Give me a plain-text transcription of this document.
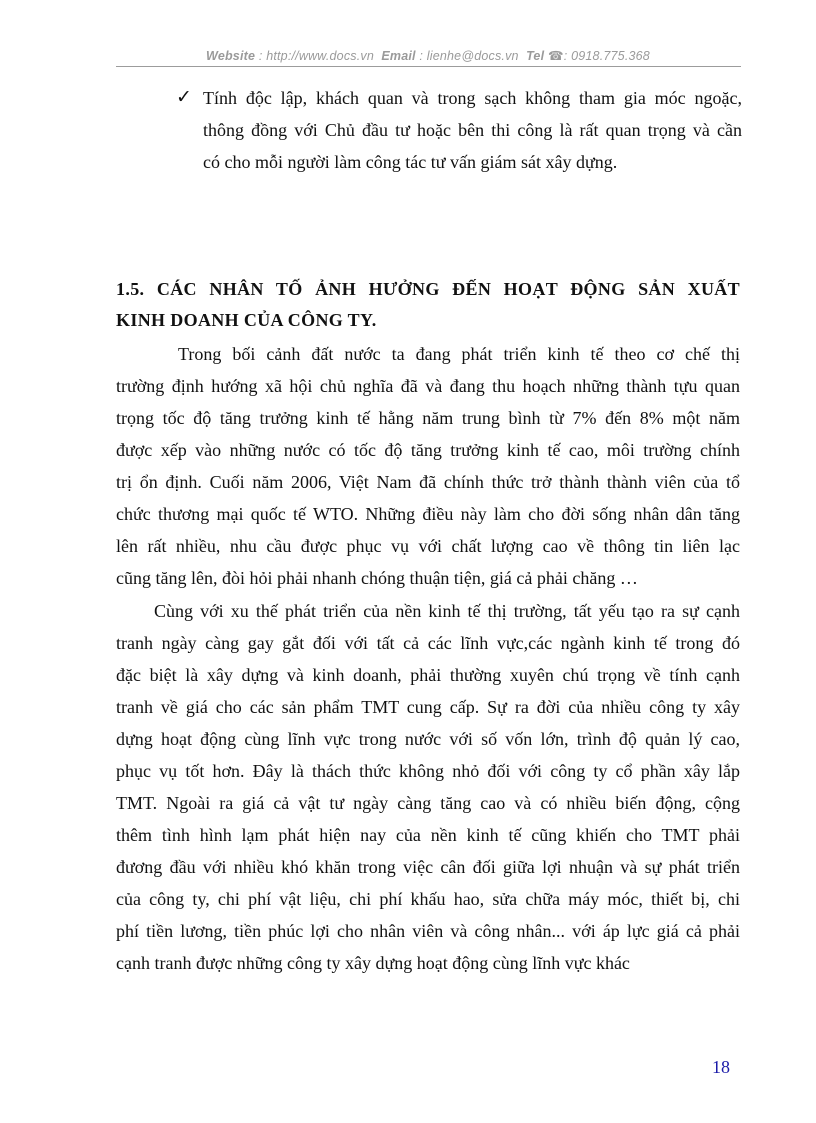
Website : http://www.docs.vn Email : lienhe@docs.vn Tel ☎: 0918.775.368
✓ Tính độc lập, khách quan và trong sạch không tham gia móc ngoặc,
thông đồng với Chủ đầu tư hoặc bên thi công là rất quan trọng và cần
có cho mỗi người làm công tác tư vấn giám sát xây dựng.
1.5. CÁC NHÂN TỐ ẢNH HƯỞNG ĐẾN HOẠT ĐỘNG SẢN XUẤT
KINH DOANH CỦA CÔNG TY.
Trong bối cảnh đất nước ta đang phát triển kinh tế theo cơ chế thị
trường định hướng xã hội chủ nghĩa đã và đang thu hoạch những thành tựu quan
trọng tốc độ tăng trưởng kinh tế hằng năm trung bình từ 7% đến 8% một năm
được xếp vào những nước có tốc độ tăng trưởng kinh tế cao, môi trường chính
trị ổn định. Cuối năm 2006, Việt Nam đã chính thức trở thành thành viên của tổ
chức thương mại quốc tế WTO. Những điều này làm cho đời sống nhân dân tăng
lên rất nhiều, nhu cầu được phục vụ với chất lượng cao về thông tin liên lạc
cũng tăng lên, đòi hỏi phải nhanh chóng thuận tiện, giá cả phải chăng …
Cùng với xu thế phát triển của nền kinh tế thị trường, tất yếu tạo ra sự cạnh
tranh ngày càng gay gắt đối với tất cả các lĩnh vực,các ngành kinh tế trong đó
đặc biệt là xây dựng và kinh doanh, phải thường xuyên chú trọng về tính cạnh
tranh về giá cho các sản phẩm TMT cung cấp. Sự ra đời của nhiều công ty xây
dựng hoạt động cùng lĩnh vực trong nước với số vốn lớn, trình độ quản lý cao,
phục vụ tốt hơn. Đây là thách thức không nhỏ đối với công ty cổ phần xây lắp
TMT. Ngoài ra giá cả vật tư ngày càng tăng cao và có nhiều biến động, cộng
thêm tình hình lạm phát hiện nay của nền kinh tế cũng khiến cho TMT phải
đương đầu với nhiều khó khăn trong việc cân đối giữa lợi nhuận và sự phát triển
của công ty, chi phí vật liệu, chi phí khấu hao, sửa chữa máy móc, thiết bị, chi
phí tiền lương, tiền phúc lợi cho nhân viên và công nhân... với áp lực giá cả phải
cạnh tranh được những công ty xây dựng hoạt động cùng lĩnh vực khác
18
